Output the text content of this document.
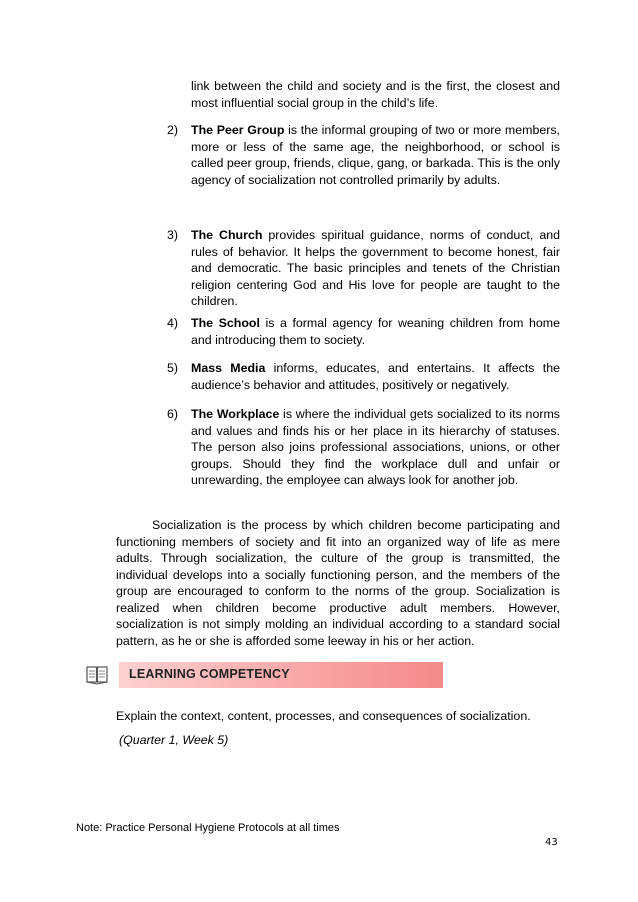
link between the child and society and is the first, the closest and most influential social group in the child’s life.

2)	The Peer Group is the informal grouping of two or more members, more or less of the same age, the neighborhood, or school is called peer group, friends, clique, gang, or barkada. This is the only agency of socialization not controlled primarily by adults.
3)	The Church provides spiritual guidance, norms of conduct, and rules of behavior. It helps the government to become honest, fair and democratic. The basic principles and tenets of the Christian religion centering God and His love for people are taught to the children.
4)	The School is a formal agency for weaning children from home and introducing them to society.
5)	Mass Media informs, educates, and entertains. It affects the audience’s behavior and attitudes, positively or negatively.
6)	The Workplace is where the individual gets socialized to its norms and values and finds his or her place in its hierarchy of statuses. The person also joins professional associations, unions, or other groups. Should they find the workplace dull and unfair or unrewarding, the employee can always look for another job.

Socialization is the process by which children become participating and functioning members of society and fit into an organized way of life as mere adults. Through socialization, the culture of the group is transmitted, the individual develops into a socially functioning person, and the members of the group are encouraged to conform to the norms of the group. Socialization is realized when children become productive adult members. However, socialization is not simply molding an individual according to a standard social pattern, as he or she is afforded some leeway in his or her action.

LEARNING COMPETENCY
Explain the context, content, processes, and consequences of socialization.
(Quarter 1, Week 5)
Note: Practice Personal Hygiene Protocols at all times
43
